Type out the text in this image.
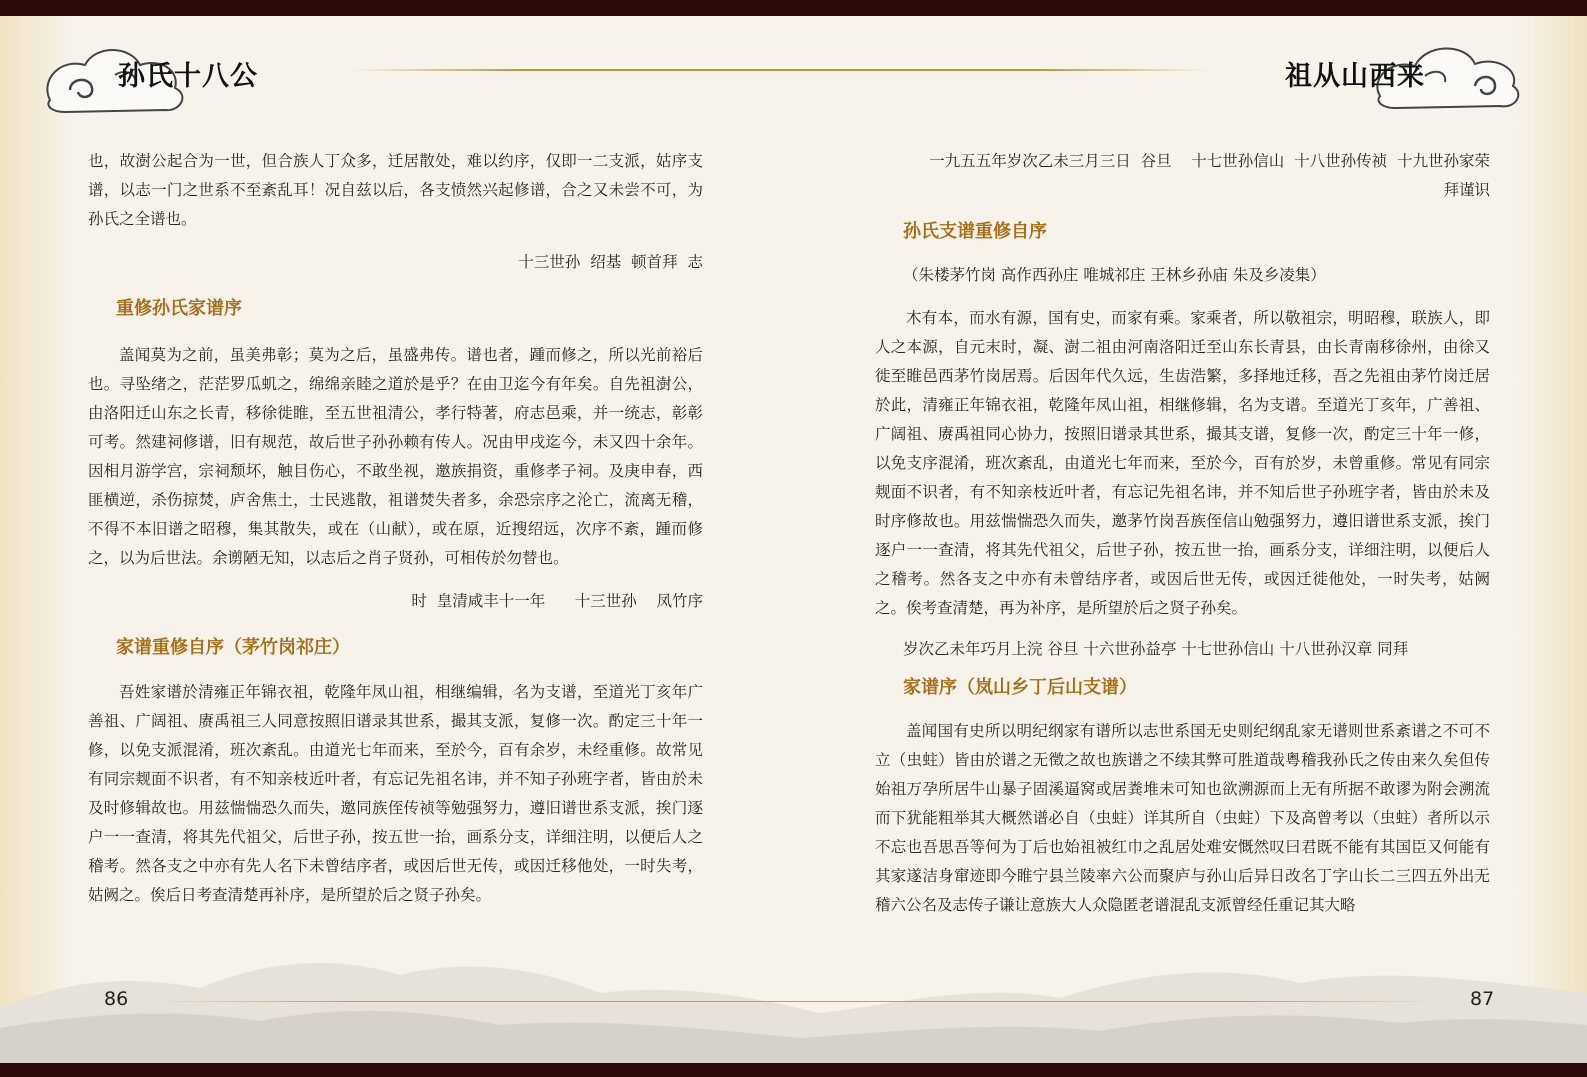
孙氏十八公	祖从山西来

也，故澍公起合为一世，但合族人丁众多，迁居散处，难以约序，仅即一二支派，姑序支谱，以志一门之世系不至紊乱耳！况自兹以后，各支愤然兴起修谱，合之又未尝不可，为孙氏之全谱也。

十三世孙  绍基  顿首拜  志

重修孙氏家谱序

盖闻莫为之前，虽美弗彰；莫为之后，虽盛弗传。谱也者，踵而修之，所以光前裕后也。寻坠绪之，茫茫罗瓜虮之，绵绵亲睦之道於是乎？在由卫迄今有年矣。自先祖澍公，由洛阳迁山东之长青，移徐徙睢，至五世祖清公，孝行特著，府志邑乘，并一统志，彰彰可考。然建祠修谱，旧有规范，故后世子孙孙赖有传人。况由甲戌迄今，未又四十余年。因相月游学宫，宗祠颓坏，触目伤心，不敢坐视，邀族捐资，重修孝子祠。及庚申春，西匪横逆，杀伤掠焚，庐舍焦土，士民逃散，祖谱焚失者多，余恐宗序之沦亡，流离无稽，不得不本旧谱之昭穆，集其散失，或在（山献），或在原，近搜绍远，次序不紊，踵而修之，以为后世法。余谫陋无知，以志后之肖子贤孙，可相传於勿替也。

时  皇清咸丰十一年      十三世孙    凤竹序

家谱重修自序（茅竹岗祁庄）

吾姓家谱於清雍正年锦衣祖，乾隆年凤山祖，相继编辑，名为支谱，至道光丁亥年广善祖、广阔祖、赓禹祖三人同意按照旧谱录其世系，撮其支派，复修一次。酌定三十年一修，以免支派混淆，班次紊乱。由道光七年而来，至於今，百有余岁，未经重修。故常见有同宗觌面不识者，有不知亲枝近叶者，有忘记先祖名讳，并不知子孙班字者，皆由於未及时修辑故也。用兹惴惴恐久而失，邀同族侄传祯等勉强努力，遵旧谱世系支派，挨门逐户一一查清，将其先代祖父，后世子孙，按五世一抬，画系分支，详细注明，以便后人之稽考。然各支之中亦有先人名下未曾结序者，或因后世无传，或因迁移他处，一时失考，姑阙之。俟后日考查清楚再补序，是所望於后之贤子孙矣。

一九五五年岁次乙未三月三日  谷旦    十七世孙信山  十八世孙传祯  十九世孙家荣

拜谨识

孙氏支谱重修自序

（朱楼茅竹岗 高作西孙庄 唯城祁庄 王林乡孙庙 朱及乡凌集）

木有本，而水有源，国有史，而家有乘。家乘者，所以敬祖宗，明昭穆，联族人，即人之本源，自元末时，凝、澍二祖由河南洛阳迁至山东长青县，由长青南移徐州，由徐又徙至睢邑西茅竹岗居焉。后因年代久远，生齿浩繁，多择地迁移，吾之先祖由茅竹岗迁居於此，清雍正年锦衣祖，乾隆年凤山祖，相继修辑，名为支谱。至道光丁亥年，广善祖、广阔祖、赓禹祖同心协力，按照旧谱录其世系，撮其支谱，复修一次，酌定三十年一修，以免支序混淆，班次紊乱，由道光七年而来，至於今，百有於岁，未曾重修。常见有同宗觌面不识者，有不知亲枝近叶者，有忘记先祖名讳，并不知后世子孙班字者，皆由於未及时序修故也。用兹惴惴恐久而失，邀茅竹岗吾族侄信山勉强努力，遵旧谱世系支派，挨门逐户一一查清，将其先代祖父，后世子孙，按五世一抬，画系分支，详细注明，以便后人之稽考。然各支之中亦有未曾结序者，或因后世无传，或因迁徙他处，一时失考，姑阙之。俟考查清楚，再为补序，是所望於后之贤子孙矣。

岁次乙未年巧月上浣 谷旦 十六世孙益亭 十七世孙信山 十八世孙汉章 同拜

家谱序（岚山乡丁后山支谱）

盖闻国有史所以明纪纲家有谱所以志世系国无史则纪纲乱家无谱则世系紊谱之不可不立（虫蛀）皆由於谱之无徵之故也族谱之不续其弊可胜道哉粤稽我孙氏之传由来久矣但传始祖万孕所居牛山暴子固溪逼窝或居粪堆未可知也欲溯源而上无有所据不敢谬为附会溯流而下犹能粗举其大概然谱必自（虫蛀）详其所自（虫蛀）下及高曾考以（虫蛀）者所以示不忘也吾思吾等何为丁后也始祖被红巾之乱居处难安慨然叹曰君既不能有其国臣又何能有其家遂洁身窜迹即今睢宁县兰陵率六公而聚庐与孙山后异日改名丁字山长二三四五外出无稽六公名及志传子谦让意族大人众隐匿老谱混乱支派曾经任重记其大略

86	87
